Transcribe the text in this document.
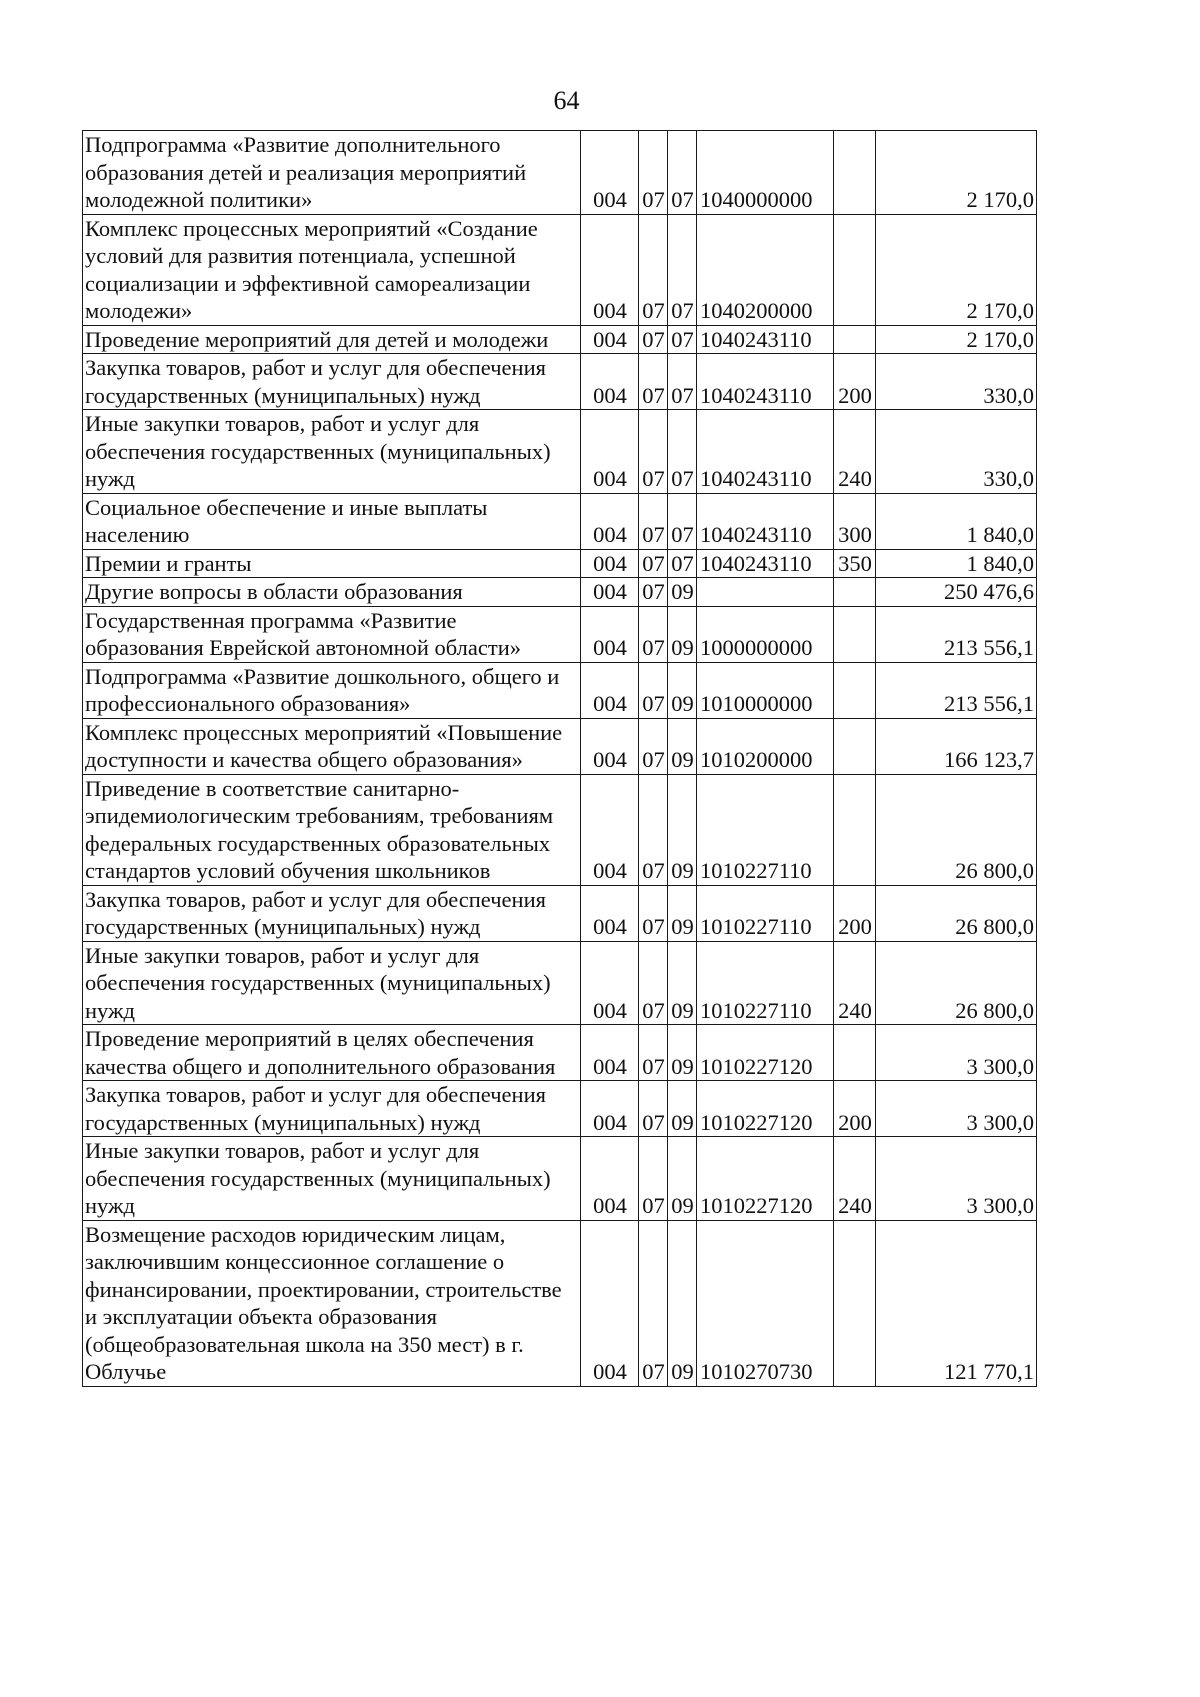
64
Подпрограмма «Развитие дополнительного образования детей и реализация мероприятий молодежной политики»	004	07	07	1040000000		2 170,0
Комплекс процессных мероприятий «Создание условий для развития потенциала, успешной социализации и эффективной самореализации молодежи»	004	07	07	1040200000		2 170,0
Проведение мероприятий для детей и молодежи	004	07	07	1040243110		2 170,0
Закупка товаров, работ и услуг для обеспечения государственных (муниципальных) нужд	004	07	07	1040243110	200	330,0
Иные закупки товаров, работ и услуг для обеспечения государственных (муниципальных) нужд	004	07	07	1040243110	240	330,0
Социальное обеспечение и иные выплаты населению	004	07	07	1040243110	300	1 840,0
Премии и гранты	004	07	07	1040243110	350	1 840,0
Другие вопросы в области образования	004	07	09			250 476,6
Государственная программа «Развитие образования Еврейской автономной области»	004	07	09	1000000000		213 556,1
Подпрограмма «Развитие дошкольного, общего и профессионального образования»	004	07	09	1010000000		213 556,1
Комплекс процессных мероприятий «Повышение доступности и качества общего образования»	004	07	09	1010200000		166 123,7
Приведение в соответствие санитарно-эпидемиологическим требованиям, требованиям федеральных государственных образовательных стандартов условий обучения школьников	004	07	09	1010227110		26 800,0
Закупка товаров, работ и услуг для обеспечения государственных (муниципальных) нужд	004	07	09	1010227110	200	26 800,0
Иные закупки товаров, работ и услуг для обеспечения государственных (муниципальных) нужд	004	07	09	1010227110	240	26 800,0
Проведение мероприятий в целях обеспечения качества общего и дополнительного образования	004	07	09	1010227120		3 300,0
Закупка товаров, работ и услуг для обеспечения государственных (муниципальных) нужд	004	07	09	1010227120	200	3 300,0
Иные закупки товаров, работ и услуг для обеспечения государственных (муниципальных) нужд	004	07	09	1010227120	240	3 300,0
Возмещение расходов юридическим лицам, заключившим концессионное соглашение о финансировании, проектировании, строительстве и эксплуатации объекта образования (общеобразовательная школа на 350 мест) в г. Облучье	004	07	09	1010270730		121 770,1
